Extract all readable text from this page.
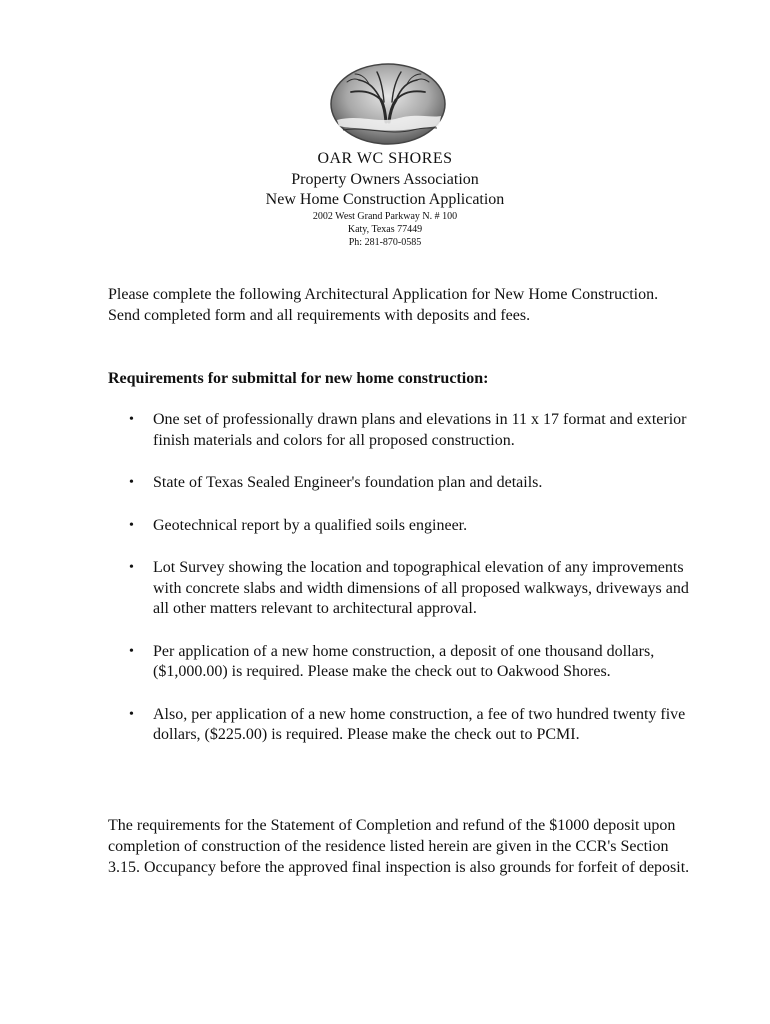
OAR WC SHORES
Property Owners Association
New Home Construction Application
2002 West Grand Parkway N. # 100
Katy, Texas 77449
Ph: 281-870-0585

Please complete the following Architectural Application for New Home Construction. Send completed form and all requirements with deposits and fees.

Requirements for submittal for new home construction:
• One set of professionally drawn plans and elevations in 11 x 17 format and exterior finish materials and colors for all proposed construction.
• State of Texas Sealed Engineer's foundation plan and details.
• Geotechnical report by a qualified soils engineer.
• Lot Survey showing the location and topographical elevation of any improvements with concrete slabs and width dimensions of all proposed walkways, driveways and all other matters relevant to architectural approval.
• Per application of a new home construction, a deposit of one thousand dollars, ($1,000.00) is required. Please make the check out to Oakwood Shores.
• Also, per application of a new home construction, a fee of two hundred twenty five dollars, ($225.00) is required. Please make the check out to PCMI.

The requirements for the Statement of Completion and refund of the $1000 deposit upon completion of construction of the residence listed herein are given in the CCR's Section 3.15. Occupancy before the approved final inspection is also grounds for forfeit of deposit.
